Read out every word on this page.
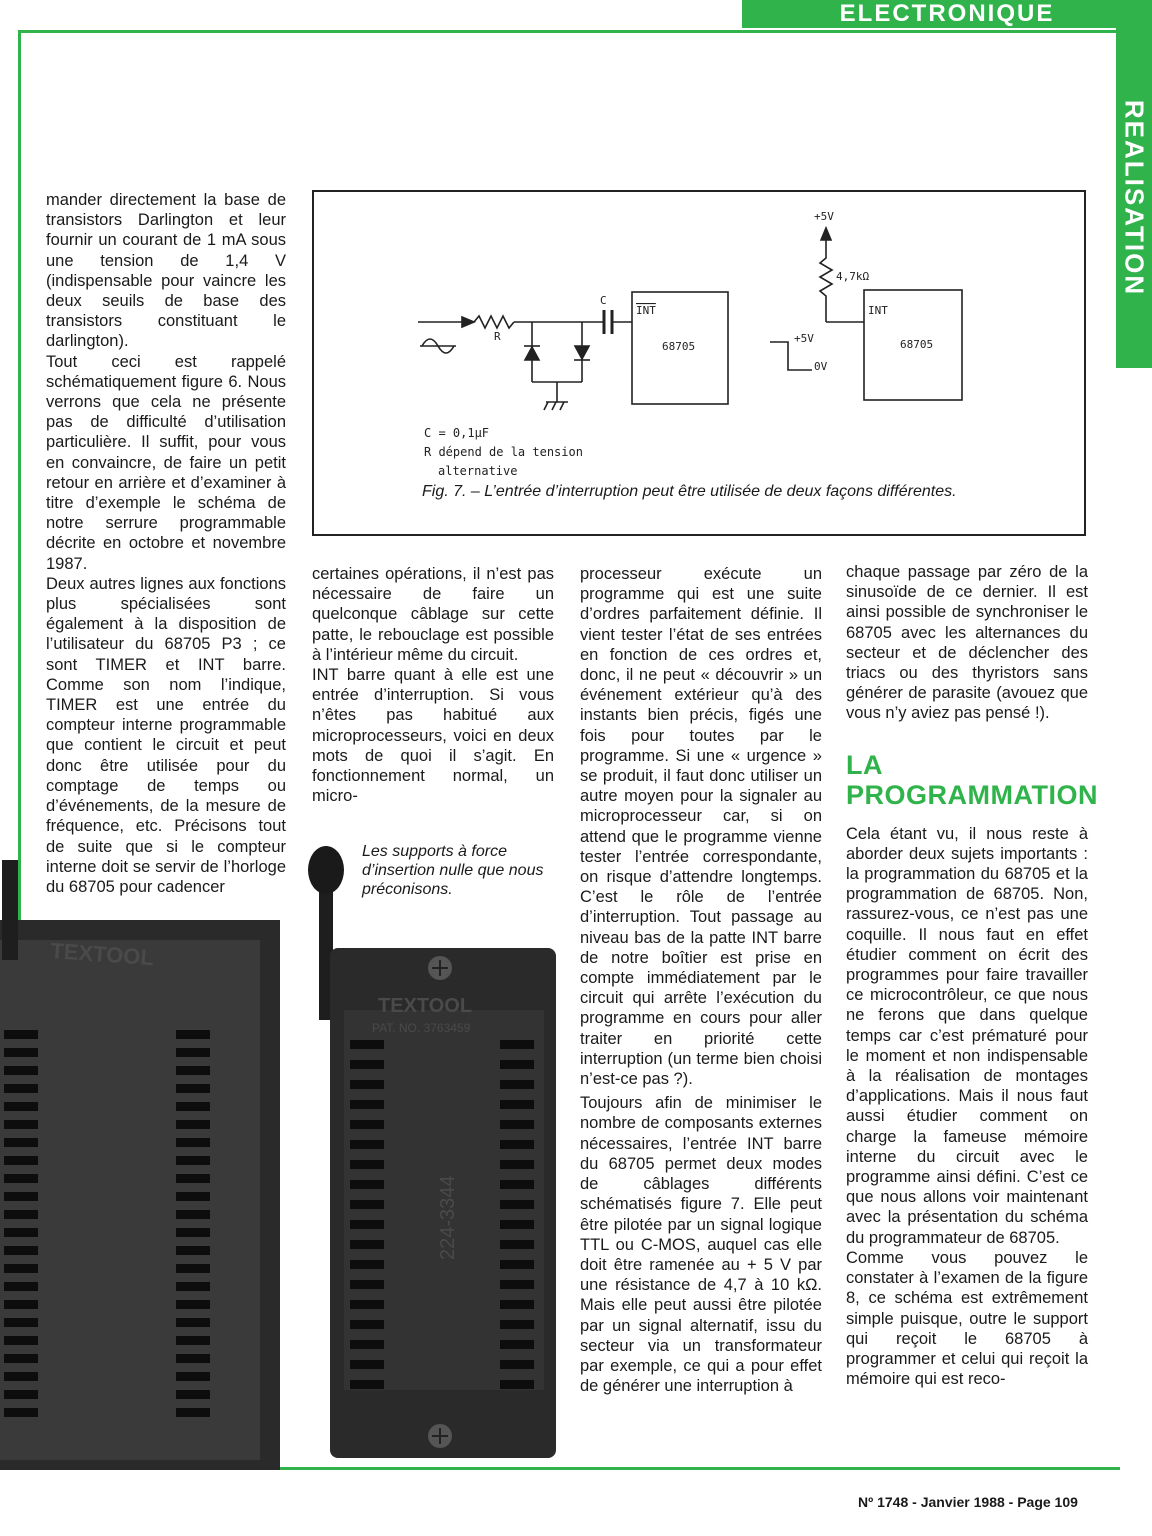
ELECTRONIQUE
REALISATION

mander directement la base de transistors Darlington et leur fournir un courant de 1 mA sous une tension de 1,4 V (indispensable pour vaincre les deux seuils de base des transistors constituant le darlington).

Tout ceci est rappelé schématiquement figure 6. Nous verrons que cela ne présente pas de difficulté d’utilisation particulière. Il suffit, pour vous en convaincre, de faire un petit retour en arrière et d’examiner à titre d’exemple le schéma de notre serrure programmable décrite en octobre et novembre 1987.

Deux autres lignes aux fonctions plus spécialisées sont également à la disposition de l’utilisateur du 68705 P3 ; ce sont TIMER et INT barre. Comme son nom l’indique, TIMER est une entrée du compteur interne programmable que contient le circuit et peut donc être utilisée pour du comptage de temps ou d’événements, de la mesure de fréquence, etc. Précisons tout de suite que si le compteur interne doit se servir de l’horloge du 68705 pour cadencer

R
C
INT
68705
+5V
4,7kΩ
INT
68705
+5V
0V
C = 0,1µF
R dépend de la tension
alternative
Fig. 7. – L’entrée d’interruption peut être utilisée de deux façons différentes.

certaines opérations, il n’est pas nécessaire de faire un quelconque câblage sur cette patte, le rebouclage est possible à l’intérieur même du circuit.

INT barre quant à elle est une entrée d’interruption. Si vous n’êtes pas habitué aux microprocesseurs, voici en deux mots de quoi il s’agit. En fonctionnement normal, un micro-

processeur exécute un programme qui est une suite d’ordres parfaitement définie. Il vient tester l’état de ses entrées en fonction de ces ordres et, donc, il ne peut « découvrir » un événement extérieur qu’à des instants bien précis, figés une fois pour toutes par le programme. Si une « urgence » se produit, il faut donc utiliser un autre moyen pour la signaler au microprocesseur car, si on attend que le programme vienne tester l’entrée correspondante, on risque d’attendre longtemps. C’est le rôle de l’entrée d’interruption. Tout passage au niveau bas de la patte INT barre de notre boîtier est prise en compte immédiatement par le circuit qui arrête l’exécution du programme en cours pour aller traiter en priorité cette interruption (un terme bien choisi n’est-ce pas ?).

Toujours afin de minimiser le nombre de composants externes nécessaires, l’entrée INT barre du 68705 permet deux modes de câblages différents schématisés figure 7. Elle peut être pilotée par un signal logique TTL ou C-MOS, auquel cas elle doit être ramenée au + 5 V par une résistance de 4,7 à 10 kΩ. Mais elle peut aussi être pilotée par un signal alternatif, issu du secteur via un transformateur par exemple, ce qui a pour effet de générer une interruption à

chaque passage par zéro de la sinusoïde de ce dernier. Il est ainsi possible de synchroniser le 68705 avec les alternances du secteur et de déclencher des triacs ou des thyristors sans générer de parasite (avouez que vous n’y aviez pas pensé !).

LA PROGRAMMATION

Cela étant vu, il nous reste à aborder deux sujets importants : la programmation du 68705 et la programmation de 68705. Non, rassurez-vous, ce n’est pas une coquille. Il nous faut en effet étudier comment on écrit des programmes pour faire travailler ce microcontrôleur, ce que nous ne ferons que dans quelque temps car c’est prématuré pour le moment et non indispensable à la réalisation de montages d’applications. Mais il nous faut aussi étudier comment on charge la fameuse mémoire interne du circuit avec le programme ainsi défini. C’est ce que nous allons voir maintenant avec la présentation du schéma du programmateur de 68705.

Comme vous pouvez le constater à l’examen de la figure 8, ce schéma est extrêmement simple puisque, outre le support qui reçoit le 68705 à programmer et celui qui reçoit la mémoire qui est reco-

TEXTOOL
TEXTOOL
PAT. NO. 3763459
224-3344
Les supports à force d’insertion nulle que nous préconisons.
Nº 1748 - Janvier 1988 - Page 109
